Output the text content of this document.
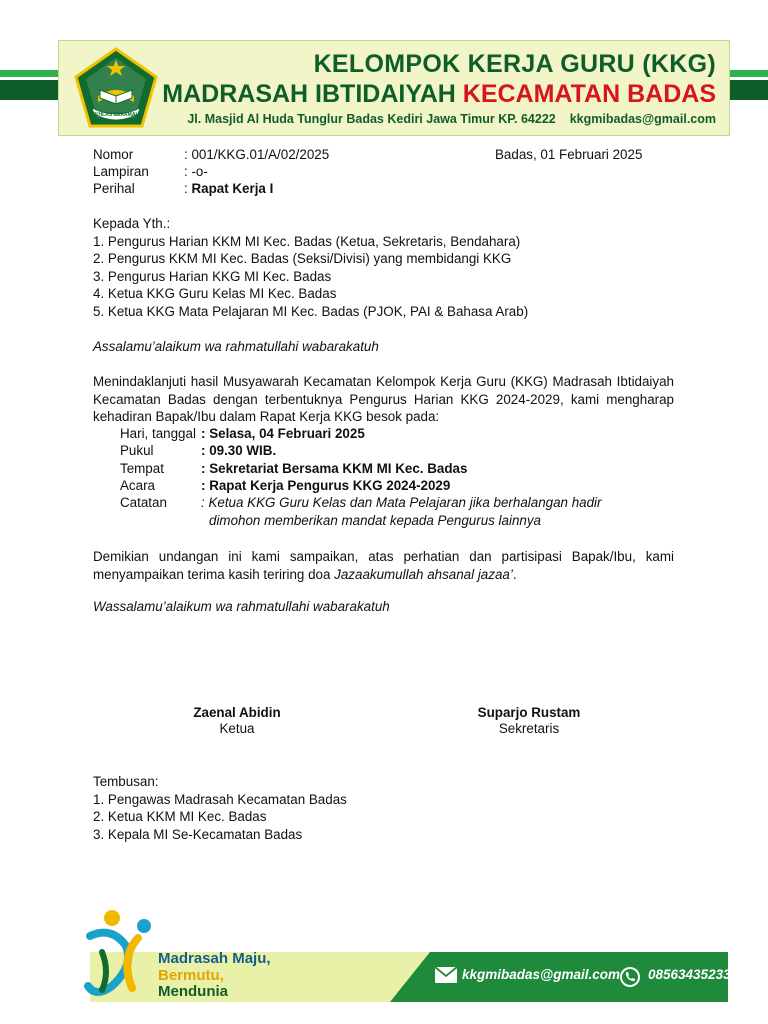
IKHLAS BERAMAL
KELOMPOK KERJA GURU (KKG)
MADRASAH IBTIDAIYAH KECAMATAN BADAS
Jl. Masjid Al Huda Tunglur Badas Kediri Jawa Timur KP. 64222 kkgmibadas@gmail.com
Nomor	: 001/KKG.01/A/02/2025	Badas, 01 Februari 2025
Lampiran	: -o-
Perihal	: Rapat Kerja I
Kepada Yth.:
1. Pengurus Harian KKM MI Kec. Badas (Ketua, Sekretaris, Bendahara)
2. Pengurus KKM MI Kec. Badas (Seksi/Divisi) yang membidangi KKG
3. Pengurus Harian KKG MI Kec. Badas
4. Ketua KKG Guru Kelas MI Kec. Badas
5. Ketua KKG Mata Pelajaran MI Kec. Badas (PJOK, PAI & Bahasa Arab)
Assalamu’alaikum wa rahmatullahi wabarakatuh
Menindaklanjuti hasil Musyawarah Kecamatan Kelompok Kerja Guru (KKG) Madrasah Ibtidaiyah
Kecamatan Badas dengan terbentuknya Pengurus Harian KKG 2024-2029, kami mengharap
kehadiran Bapak/Ibu dalam Rapat Kerja KKG besok pada:
Hari, tanggal : Selasa, 04 Februari 2025
Pukul	: 09.30 WIB.
Tempat	: Sekretariat Bersama KKM MI Kec. Badas
Acara	: Rapat Kerja Pengurus KKG 2024-2029
Catatan	: Ketua KKG Guru Kelas dan Mata Pelajaran jika berhalangan hadir
dimohon memberikan mandat kepada Pengurus lainnya
Demikian undangan ini kami sampaikan, atas perhatian dan partisipasi Bapak/Ibu, kami
menyampaikan terima kasih teriring doa Jazaakumullah ahsanal jazaa’.
Wassalamu’alaikum wa rahmatullahi wabarakatuh
Zaenal Abidin
Ketua
Suparjo Rustam
Sekretaris
Tembusan:
1. Pengawas Madrasah Kecamatan Badas
2. Ketua KKM MI Kec. Badas
3. Kepala MI Se-Kecamatan Badas
Madrasah Maju,
Bermutu,
Mendunia
kkgmibadas@gmail.com 08563435233
